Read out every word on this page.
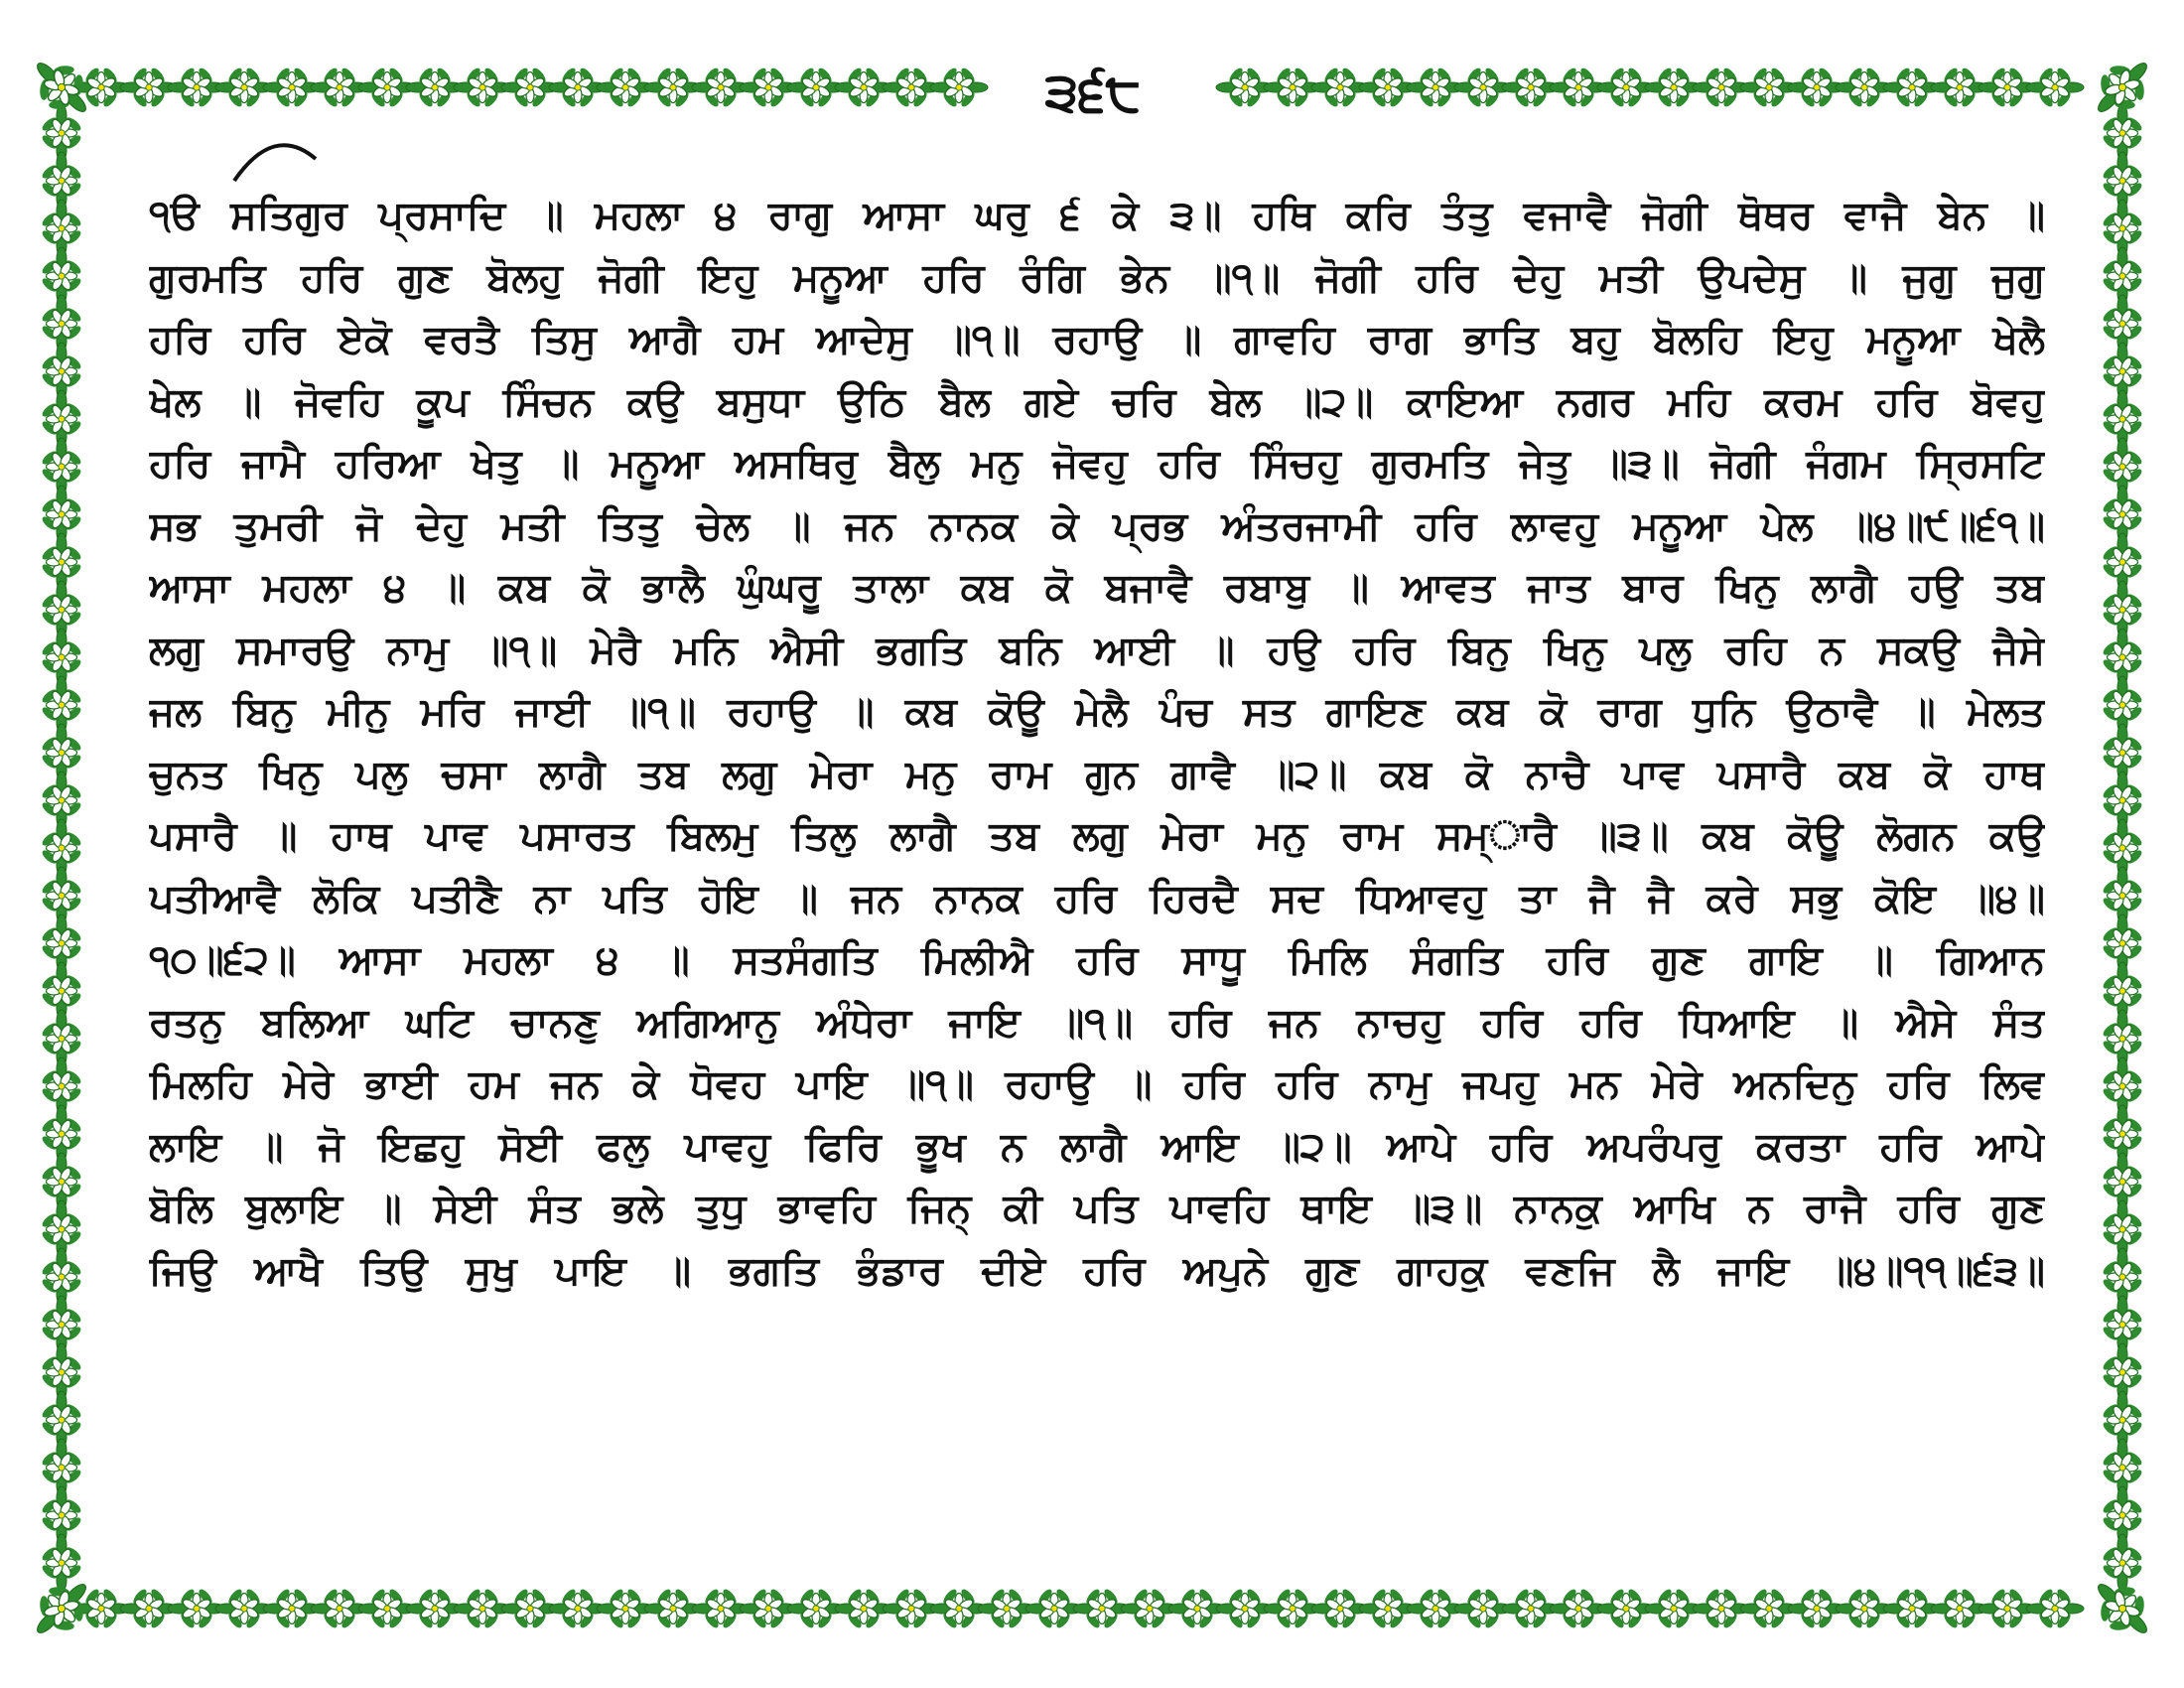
੩੬੮
੧ੳ ਸਤਿਗੁਰ ਪ੍ਰਸਾਦਿ ॥ ਮਹਲਾ ੪ ਰਾਗੁ ਆਸਾ ਘਰੁ ੬ ਕੇ ੩॥ ਹਥਿ ਕਰਿ ਤੰਤੁ ਵਜਾਵੈ ਜੋਗੀ ਥੋਥਰ ਵਾਜੈ ਬੇਨ ॥
ਗੁਰਮਤਿ ਹਰਿ ਗੁਣ ਬੋਲਹੁ ਜੋਗੀ ਇਹੁ ਮਨੂਆ ਹਰਿ ਰੰਗਿ ਭੇਨ ॥੧॥ ਜੋਗੀ ਹਰਿ ਦੇਹੁ ਮਤੀ ਉਪਦੇਸੁ ॥ ਜੁਗੁ ਜੁਗੁ
ਹਰਿ ਹਰਿ ਏਕੋ ਵਰਤੈ ਤਿਸੁ ਆਗੈ ਹਮ ਆਦੇਸੁ ॥੧॥ ਰਹਾਉ ॥ ਗਾਵਹਿ ਰਾਗ ਭਾਤਿ ਬਹੁ ਬੋਲਹਿ ਇਹੁ ਮਨੂਆ ਖੇਲੈ
ਖੇਲ ॥ ਜੋਵਹਿ ਕੂਪ ਸਿੰਚਨ ਕਉ ਬਸੁਧਾ ਉਠਿ ਬੈਲ ਗਏ ਚਰਿ ਬੇਲ ॥੨॥ ਕਾਇਆ ਨਗਰ ਮਹਿ ਕਰਮ ਹਰਿ ਬੋਵਹੁ
ਹਰਿ ਜਾਮੈ ਹਰਿਆ ਖੇਤੁ ॥ ਮਨੂਆ ਅਸਥਿਰੁ ਬੈਲੁ ਮਨੁ ਜੋਵਹੁ ਹਰਿ ਸਿੰਚਹੁ ਗੁਰਮਤਿ ਜੇਤੁ ॥੩॥ ਜੋਗੀ ਜੰਗਮ ਸ੍ਰਿਸਟਿ
ਸਭ ਤੁਮਰੀ ਜੋ ਦੇਹੁ ਮਤੀ ਤਿਤੁ ਚੇਲ ॥ ਜਨ ਨਾਨਕ ਕੇ ਪ੍ਰਭ ਅੰਤਰਜਾਮੀ ਹਰਿ ਲਾਵਹੁ ਮਨੂਆ ਪੇਲ ॥੪॥੯॥੬੧॥
ਆਸਾ ਮਹਲਾ ੪ ॥ ਕਬ ਕੋ ਭਾਲੈ ਘੁੰਘਰੂ ਤਾਲਾ ਕਬ ਕੋ ਬਜਾਵੈ ਰਬਾਬੁ ॥ ਆਵਤ ਜਾਤ ਬਾਰ ਖਿਨੁ ਲਾਗੈ ਹਉ ਤਬ
ਲਗੁ ਸਮਾਰਉ ਨਾਮੁ ॥੧॥ ਮੇਰੈ ਮਨਿ ਐਸੀ ਭਗਤਿ ਬਨਿ ਆਈ ॥ ਹਉ ਹਰਿ ਬਿਨੁ ਖਿਨੁ ਪਲੁ ਰਹਿ ਨ ਸਕਉ ਜੈਸੇ
ਜਲ ਬਿਨੁ ਮੀਨੁ ਮਰਿ ਜਾਈ ॥੧॥ ਰਹਾਉ ॥ ਕਬ ਕੋਊ ਮੇਲੈ ਪੰਚ ਸਤ ਗਾਇਣ ਕਬ ਕੋ ਰਾਗ ਧੁਨਿ ਉਠਾਵੈ ॥ ਮੇਲਤ
ਚੁਨਤ ਖਿਨੁ ਪਲੁ ਚਸਾ ਲਾਗੈ ਤਬ ਲਗੁ ਮੇਰਾ ਮਨੁ ਰਾਮ ਗੁਨ ਗਾਵੈ ॥੨॥ ਕਬ ਕੋ ਨਾਚੈ ਪਾਵ ਪਸਾਰੈ ਕਬ ਕੋ ਹਾਥ
ਪਸਾਰੈ ॥ ਹਾਥ ਪਾਵ ਪਸਾਰਤ ਬਿਲਮੁ ਤਿਲੁ ਲਾਗੈ ਤਬ ਲਗੁ ਮੇਰਾ ਮਨੁ ਰਾਮ ਸਮ੍ਾਰੈ ॥੩॥ ਕਬ ਕੋਊ ਲੋਗਨ ਕਉ
ਪਤੀਆਵੈ ਲੋਕਿ ਪਤੀਣੈ ਨਾ ਪਤਿ ਹੋਇ ॥ ਜਨ ਨਾਨਕ ਹਰਿ ਹਿਰਦੈ ਸਦ ਧਿਆਵਹੁ ਤਾ ਜੈ ਜੈ ਕਰੇ ਸਭੁ ਕੋਇ ॥੪॥
੧੦॥੬੨॥ ਆਸਾ ਮਹਲਾ ੪ ॥ ਸਤਸੰਗਤਿ ਮਿਲੀਐ ਹਰਿ ਸਾਧੂ ਮਿਲਿ ਸੰਗਤਿ ਹਰਿ ਗੁਣ ਗਾਇ ॥ ਗਿਆਨ
ਰਤਨੁ ਬਲਿਆ ਘਟਿ ਚਾਨਣੁ ਅਗਿਆਨੁ ਅੰਧੇਰਾ ਜਾਇ ॥੧॥ ਹਰਿ ਜਨ ਨਾਚਹੁ ਹਰਿ ਹਰਿ ਧਿਆਇ ॥ ਐਸੇ ਸੰਤ
ਮਿਲਹਿ ਮੇਰੇ ਭਾਈ ਹਮ ਜਨ ਕੇ ਧੋਵਹ ਪਾਇ ॥੧॥ ਰਹਾਉ ॥ ਹਰਿ ਹਰਿ ਨਾਮੁ ਜਪਹੁ ਮਨ ਮੇਰੇ ਅਨਦਿਨੁ ਹਰਿ ਲਿਵ
ਲਾਇ ॥ ਜੋ ਇਛਹੁ ਸੋਈ ਫਲੁ ਪਾਵਹੁ ਫਿਰਿ ਭੂਖ ਨ ਲਾਗੈ ਆਇ ॥੨॥ ਆਪੇ ਹਰਿ ਅਪਰੰਪਰੁ ਕਰਤਾ ਹਰਿ ਆਪੇ
ਬੋਲਿ ਬੁਲਾਇ ॥ ਸੇਈ ਸੰਤ ਭਲੇ ਤੁਧੁ ਭਾਵਹਿ ਜਿਨ੍ ਕੀ ਪਤਿ ਪਾਵਹਿ ਥਾਇ ॥੩॥ ਨਾਨਕੁ ਆਖਿ ਨ ਰਾਜੈ ਹਰਿ ਗੁਣ
ਜਿਉ ਆਖੈ ਤਿਉ ਸੁਖੁ ਪਾਇ ॥ ਭਗਤਿ ਭੰਡਾਰ ਦੀਏ ਹਰਿ ਅਪੁਨੇ ਗੁਣ ਗਾਹਕੁ ਵਣਜਿ ਲੈ ਜਾਇ ॥੪॥੧੧॥੬੩॥
